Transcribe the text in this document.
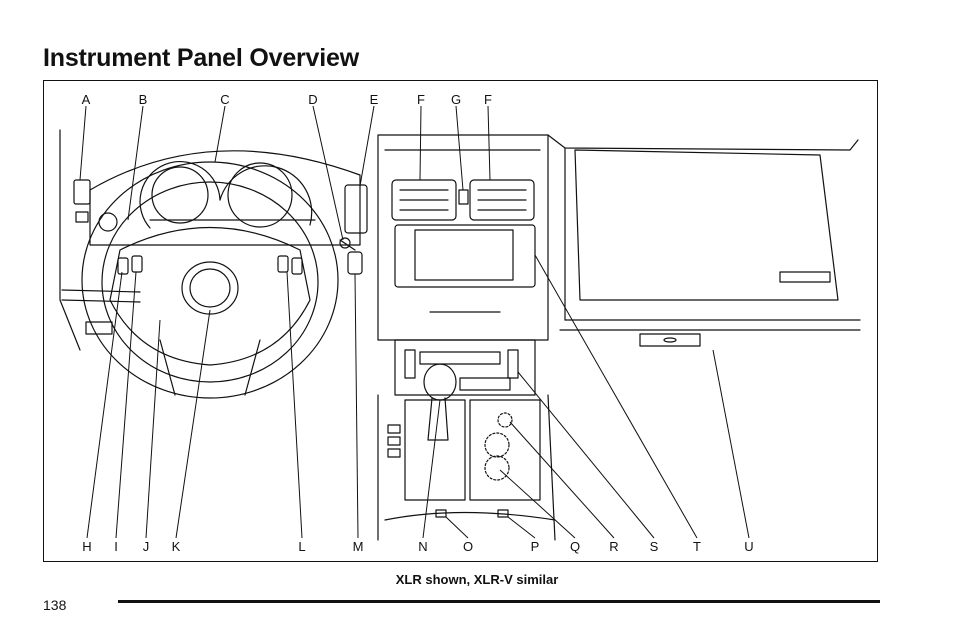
Instrument Panel Overview
A	B	C	D	E	F G F
H I J K	L	M	N	O	P Q R S	T	U
XLR shown, XLR-V similar
138
